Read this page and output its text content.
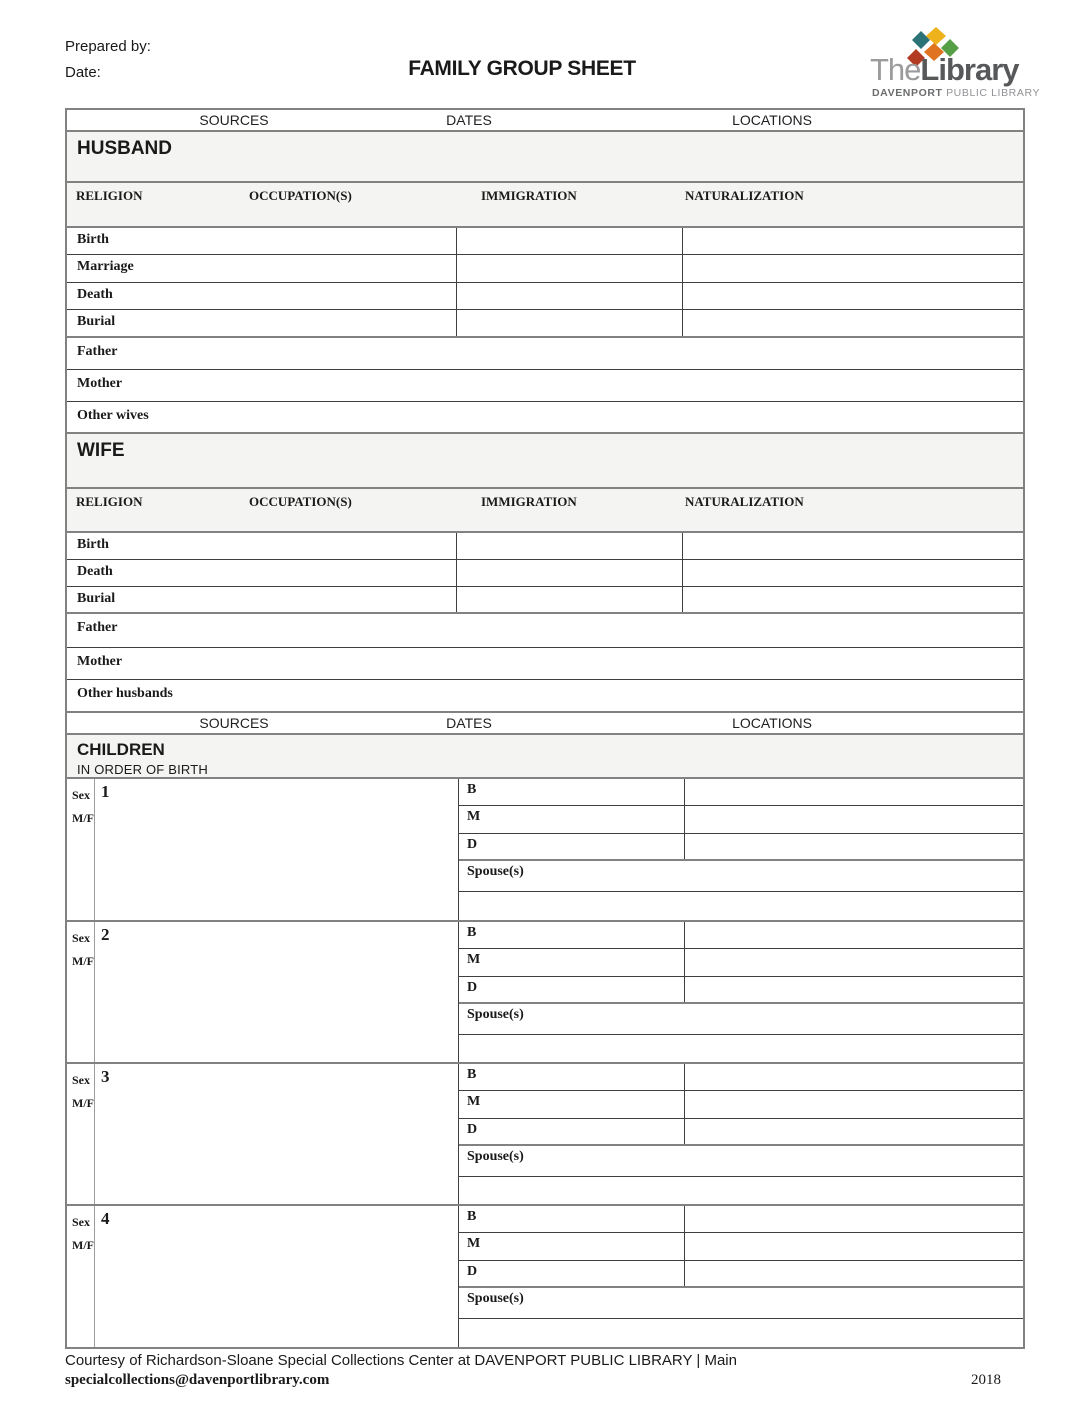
Prepared by:
Date:	FAMILY GROUP SHEET	TheLibrary
DAVENPORT PUBLIC LIBRARY
SOURCES	DATES	LOCATIONS
HUSBAND
RELIGION	OCCUPATION(S)	IMMIGRATION	NATURALIZATION
Birth
Marriage
Death
Burial
Father
Mother
Other wives
WIFE
RELIGION	OCCUPATION(S)	IMMIGRATION	NATURALIZATION
Birth
Death
Burial
Father
Mother
Other husbands
SOURCES	DATES	LOCATIONS
CHILDREN
IN ORDER OF BIRTH
Sex
M/F
1	B
M
D
Spouse(s)
Sex
M/F
2	B
M
D
Spouse(s)
Sex
M/F
3	B
M
D
Spouse(s)
Sex
M/F
4	B
M
D
Spouse(s)
Courtesy of Richardson-Sloane Special Collections Center at DAVENPORT PUBLIC LIBRARY | Main
specialcollections@davenportlibrary.com	2018
